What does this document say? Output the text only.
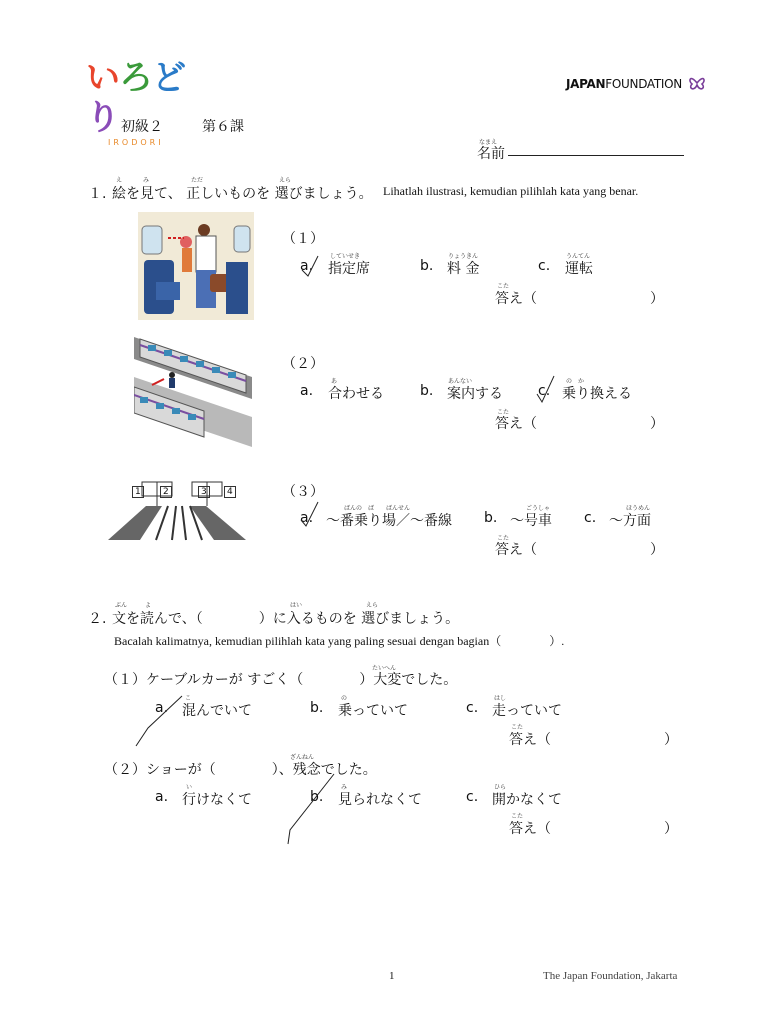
いろどり
IRODORI
JAPANFOUNDATION
初級２	第６課
なまえ
名前
１.
え	み	ただ	えら
絵を見て、 正しいものを 選びましょう。 Lihatlah ilustrasi, kemudian pilihlah kata yang benar.
（１）
a.
していせき
指定席	b.
りょうきん
料 金	c.
うんてん
運転
こた
答え（	）
（２）
a.
あ
合わせる	b.
あんない
案内する	c.
の　か
乗り換える
こた
答え（	）
1	2	3	4	（３）
a.
ばんの　ば　　ばんせん
～番乗り場／～番線 b.
ごうしゃ
～号車 c.
ほうめん
～方面
こた
答え（	）
２.
ぶん	よ	はい	えら
文を読んで、（　　　　）に入るものを 選びましょう。
Bacalah kalimatnya, kemudian pilihlah kata yang paling sesuai dengan bagian（　　　　）.
たいへん
（１）ケーブルカーが すごく（　　　　）大変でした。
a.
こ
混んでいて	b.
の
乗っていて	c.
はし
走っていて
こた
答え（	）
ざんねん
（２）ショーが（　　　　）、残念でした。
a.
い
行けなくて	b.
み
見られなくて	c.
ひら
開かなくて
こた
答え（	）
1	The Japan Foundation, Jakarta
